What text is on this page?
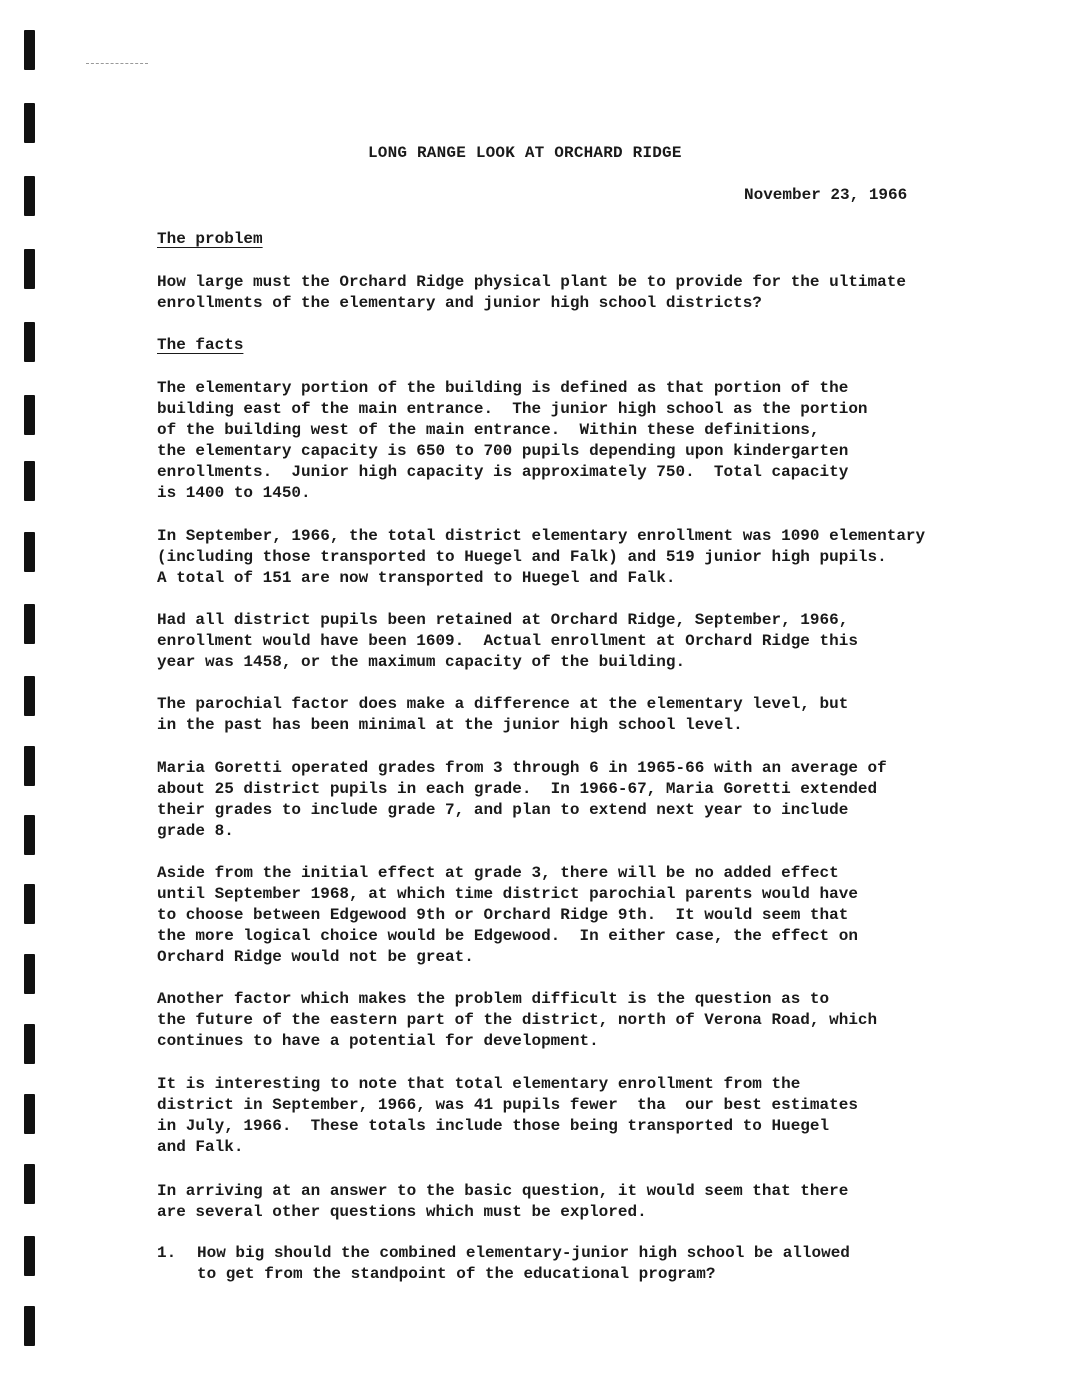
LONG RANGE LOOK AT ORCHARD RIDGE
November 23, 1966
The problem
How large must the Orchard Ridge physical plant be to provide for the ultimate
enrollments of the elementary and junior high school districts?
The facts
The elementary portion of the building is defined as that portion of the
building east of the main entrance.  The junior high school as the portion
of the building west of the main entrance.  Within these definitions,
the elementary capacity is 650 to 700 pupils depending upon kindergarten
enrollments.  Junior high capacity is approximately 750.  Total capacity
is 1400 to 1450.
In September, 1966, the total district elementary enrollment was 1090 elementary
(including those transported to Huegel and Falk) and 519 junior high pupils.
A total of 151 are now transported to Huegel and Falk.
Had all district pupils been retained at Orchard Ridge, September, 1966,
enrollment would have been 1609.  Actual enrollment at Orchard Ridge this
year was 1458, or the maximum capacity of the building.
The parochial factor does make a difference at the elementary level, but
in the past has been minimal at the junior high school level.
Maria Goretti operated grades from 3 through 6 in 1965-66 with an average of
about 25 district pupils in each grade.  In 1966-67, Maria Goretti extended
their grades to include grade 7, and plan to extend next year to include
grade 8.
Aside from the initial effect at grade 3, there will be no added effect
until September 1968, at which time district parochial parents would have
to choose between Edgewood 9th or Orchard Ridge 9th.  It would seem that
the more logical choice would be Edgewood.  In either case, the effect on
Orchard Ridge would not be great.
Another factor which makes the problem difficult is the question as to
the future of the eastern part of the district, north of Verona Road, which
continues to have a potential for development.
It is interesting to note that total elementary enrollment from the
district in September, 1966, was 41 pupils fewer  tha  our best estimates
in July, 1966.  These totals include those being transported to Huegel
and Falk.
In arriving at an answer to the basic question, it would seem that there
are several other questions which must be explored.
1. How big should the combined elementary-junior high school be allowed
to get from the standpoint of the educational program?
